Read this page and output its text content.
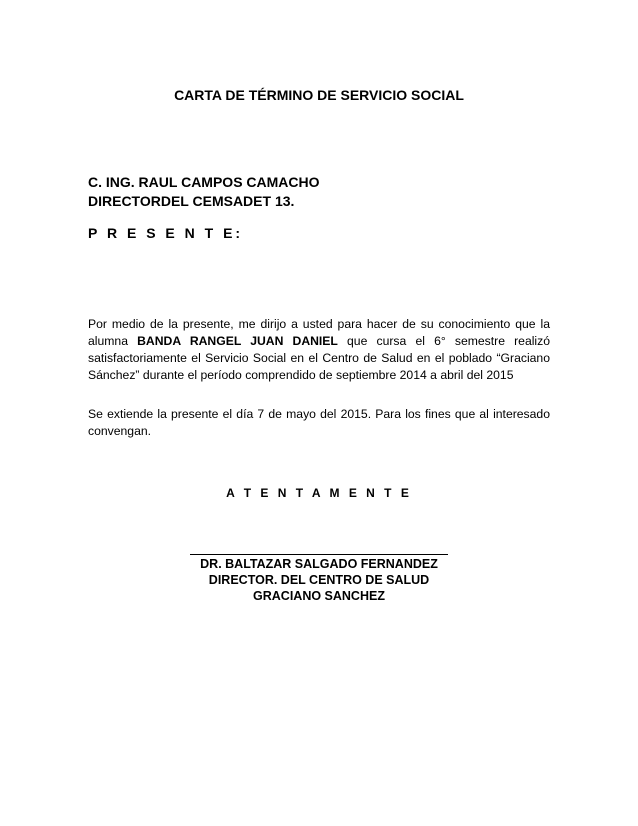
CARTA DE TÉRMINO DE SERVICIO SOCIAL
C. ING. RAUL CAMPOS CAMACHO
DIRECTORDEL CEMSADET 13.
P R E S E N T E:
Por medio de la presente, me dirijo a usted para hacer de su conocimiento que la alumna BANDA RANGEL JUAN DANIEL que cursa el 6° semestre realizó satisfactoriamente el Servicio Social en el Centro de Salud en el poblado “Graciano Sánchez” durante el período comprendido de septiembre 2014 a abril del 2015
Se extiende la presente el día 7 de mayo del 2015. Para los fines que al interesado convengan.
A T E N T A M E N T E
DR. BALTAZAR SALGADO FERNANDEZ
DIRECTOR. DEL CENTRO DE SALUD
GRACIANO SANCHEZ
